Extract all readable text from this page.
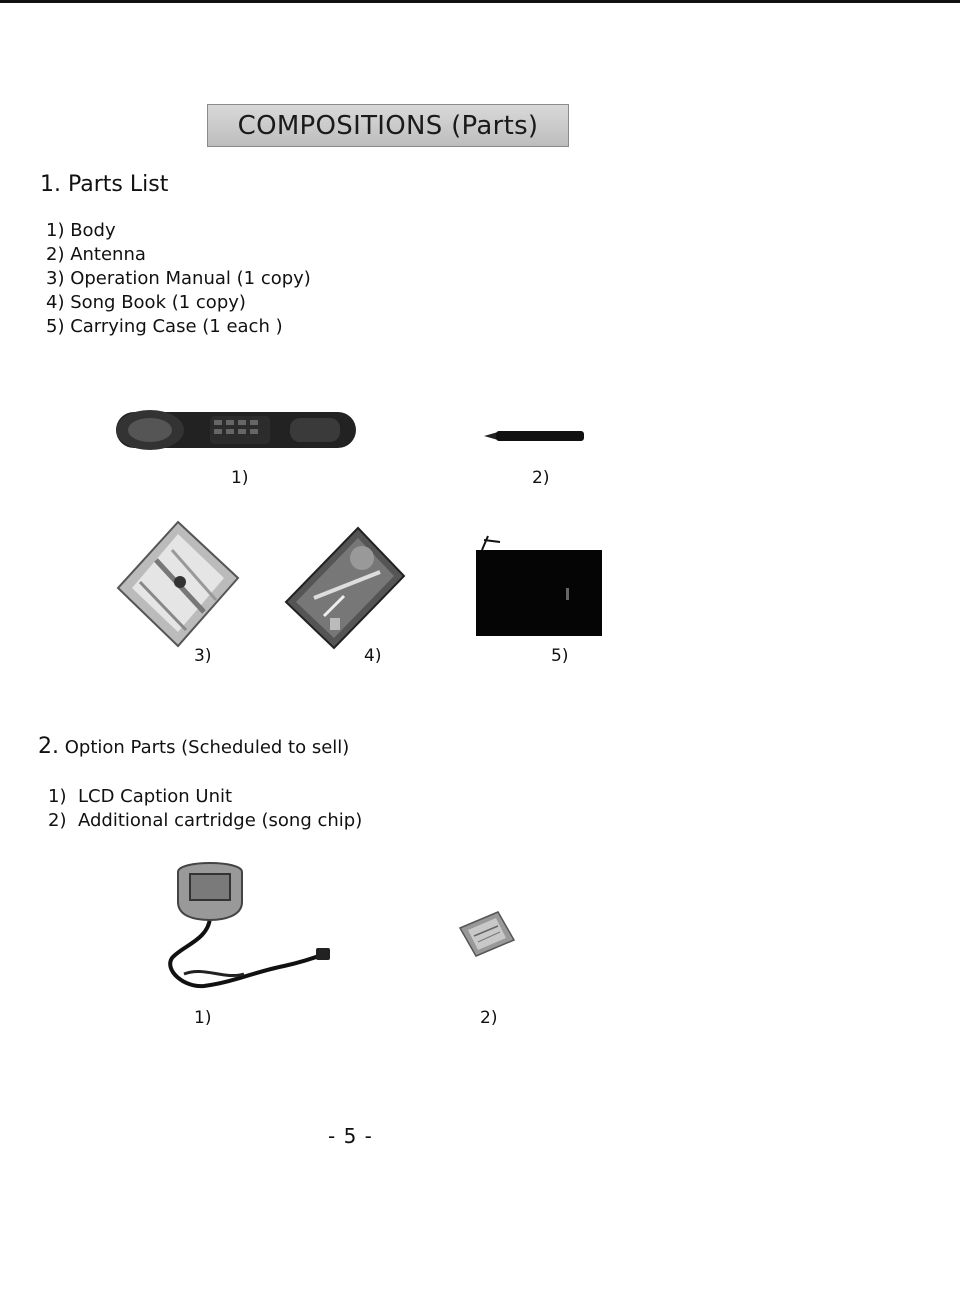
COMPOSITIONS (Parts)
1. Parts List
1) Body
2) Antenna
3) Operation Manual (1 copy)
4) Song Book (1 copy)
5) Carrying Case (1 each )
1)	2)
3)	4)	5)
2. Option Parts (Scheduled to sell)
1) LCD Caption Unit
2) Additional cartridge (song chip)
1)	2)
- 5 -
